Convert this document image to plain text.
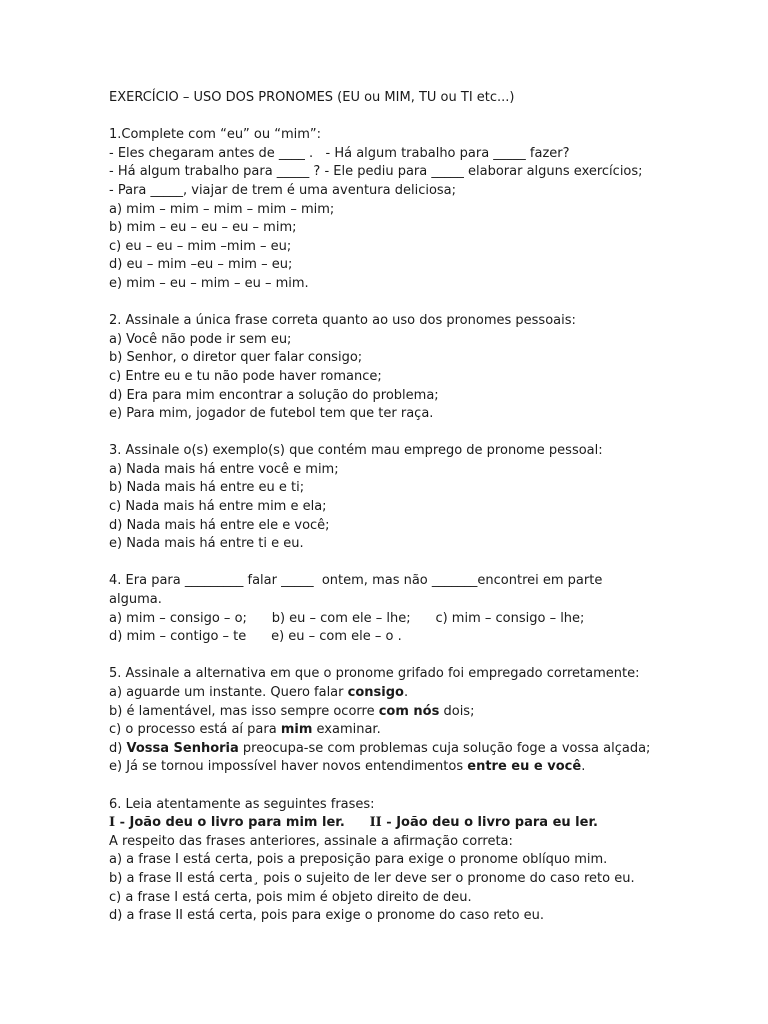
EXERCÍCIO – USO DOS PRONOMES (EU ou MIM, TU ou TI etc...)
1.Complete com “eu” ou “mim”:
- Eles chegaram antes de ____ .   - Há algum trabalho para _____ fazer?
- Há algum trabalho para _____ ? - Ele pediu para _____ elaborar alguns exercícios;
- Para _____, viajar de trem é uma aventura deliciosa;
a) mim – mim – mim – mim – mim;
b) mim – eu – eu – eu – mim;
c) eu – eu – mim –mim – eu;
d) eu – mim –eu – mim – eu;
e) mim – eu – mim – eu – mim.
2. Assinale a única frase correta quanto ao uso dos pronomes pessoais:
a) Você não pode ir sem eu;
b) Senhor, o diretor quer falar consigo;
c) Entre eu e tu não pode haver romance;
d) Era para mim encontrar a solução do problema;
e) Para mim, jogador de futebol tem que ter raça.
3. Assinale o(s) exemplo(s) que contém mau emprego de pronome pessoal:
a) Nada mais há entre você e mim;
b) Nada mais há entre eu e ti;
c) Nada mais há entre mim e ela;
d) Nada mais há entre ele e você;
e) Nada mais há entre ti e eu.
4. Era para _________ falar _____  ontem, mas não _______encontrei em parte
alguma.
a) mim – consigo – o;      b) eu – com ele – lhe;      c) mim – consigo – lhe;
d) mim – contigo – te      e) eu – com ele – o .
5. Assinale a alternativa em que o pronome grifado foi empregado corretamente:
a) aguarde um instante. Quero falar consigo.
b) é lamentável, mas isso sempre ocorre com nós dois;
c) o processo está aí para mim examinar.
d) Vossa Senhoria preocupa-se com problemas cuja solução foge a vossa alçada;
e) Já se tornou impossível haver novos entendimentos entre eu e você.
6. Leia atentamente as seguintes frases:
I - João deu o livro para mim ler. II - João deu o livro para eu ler.
A respeito das frases anteriores, assinale a afirmação correta:
a) a frase I está certa, pois a preposição para exige o pronome oblíquo mim.
b) a frase II está certa¸ pois o sujeito de ler deve ser o pronome do caso reto eu.
c) a frase I está certa, pois mim é objeto direito de deu.
d) a frase II está certa, pois para exige o pronome do caso reto eu.
